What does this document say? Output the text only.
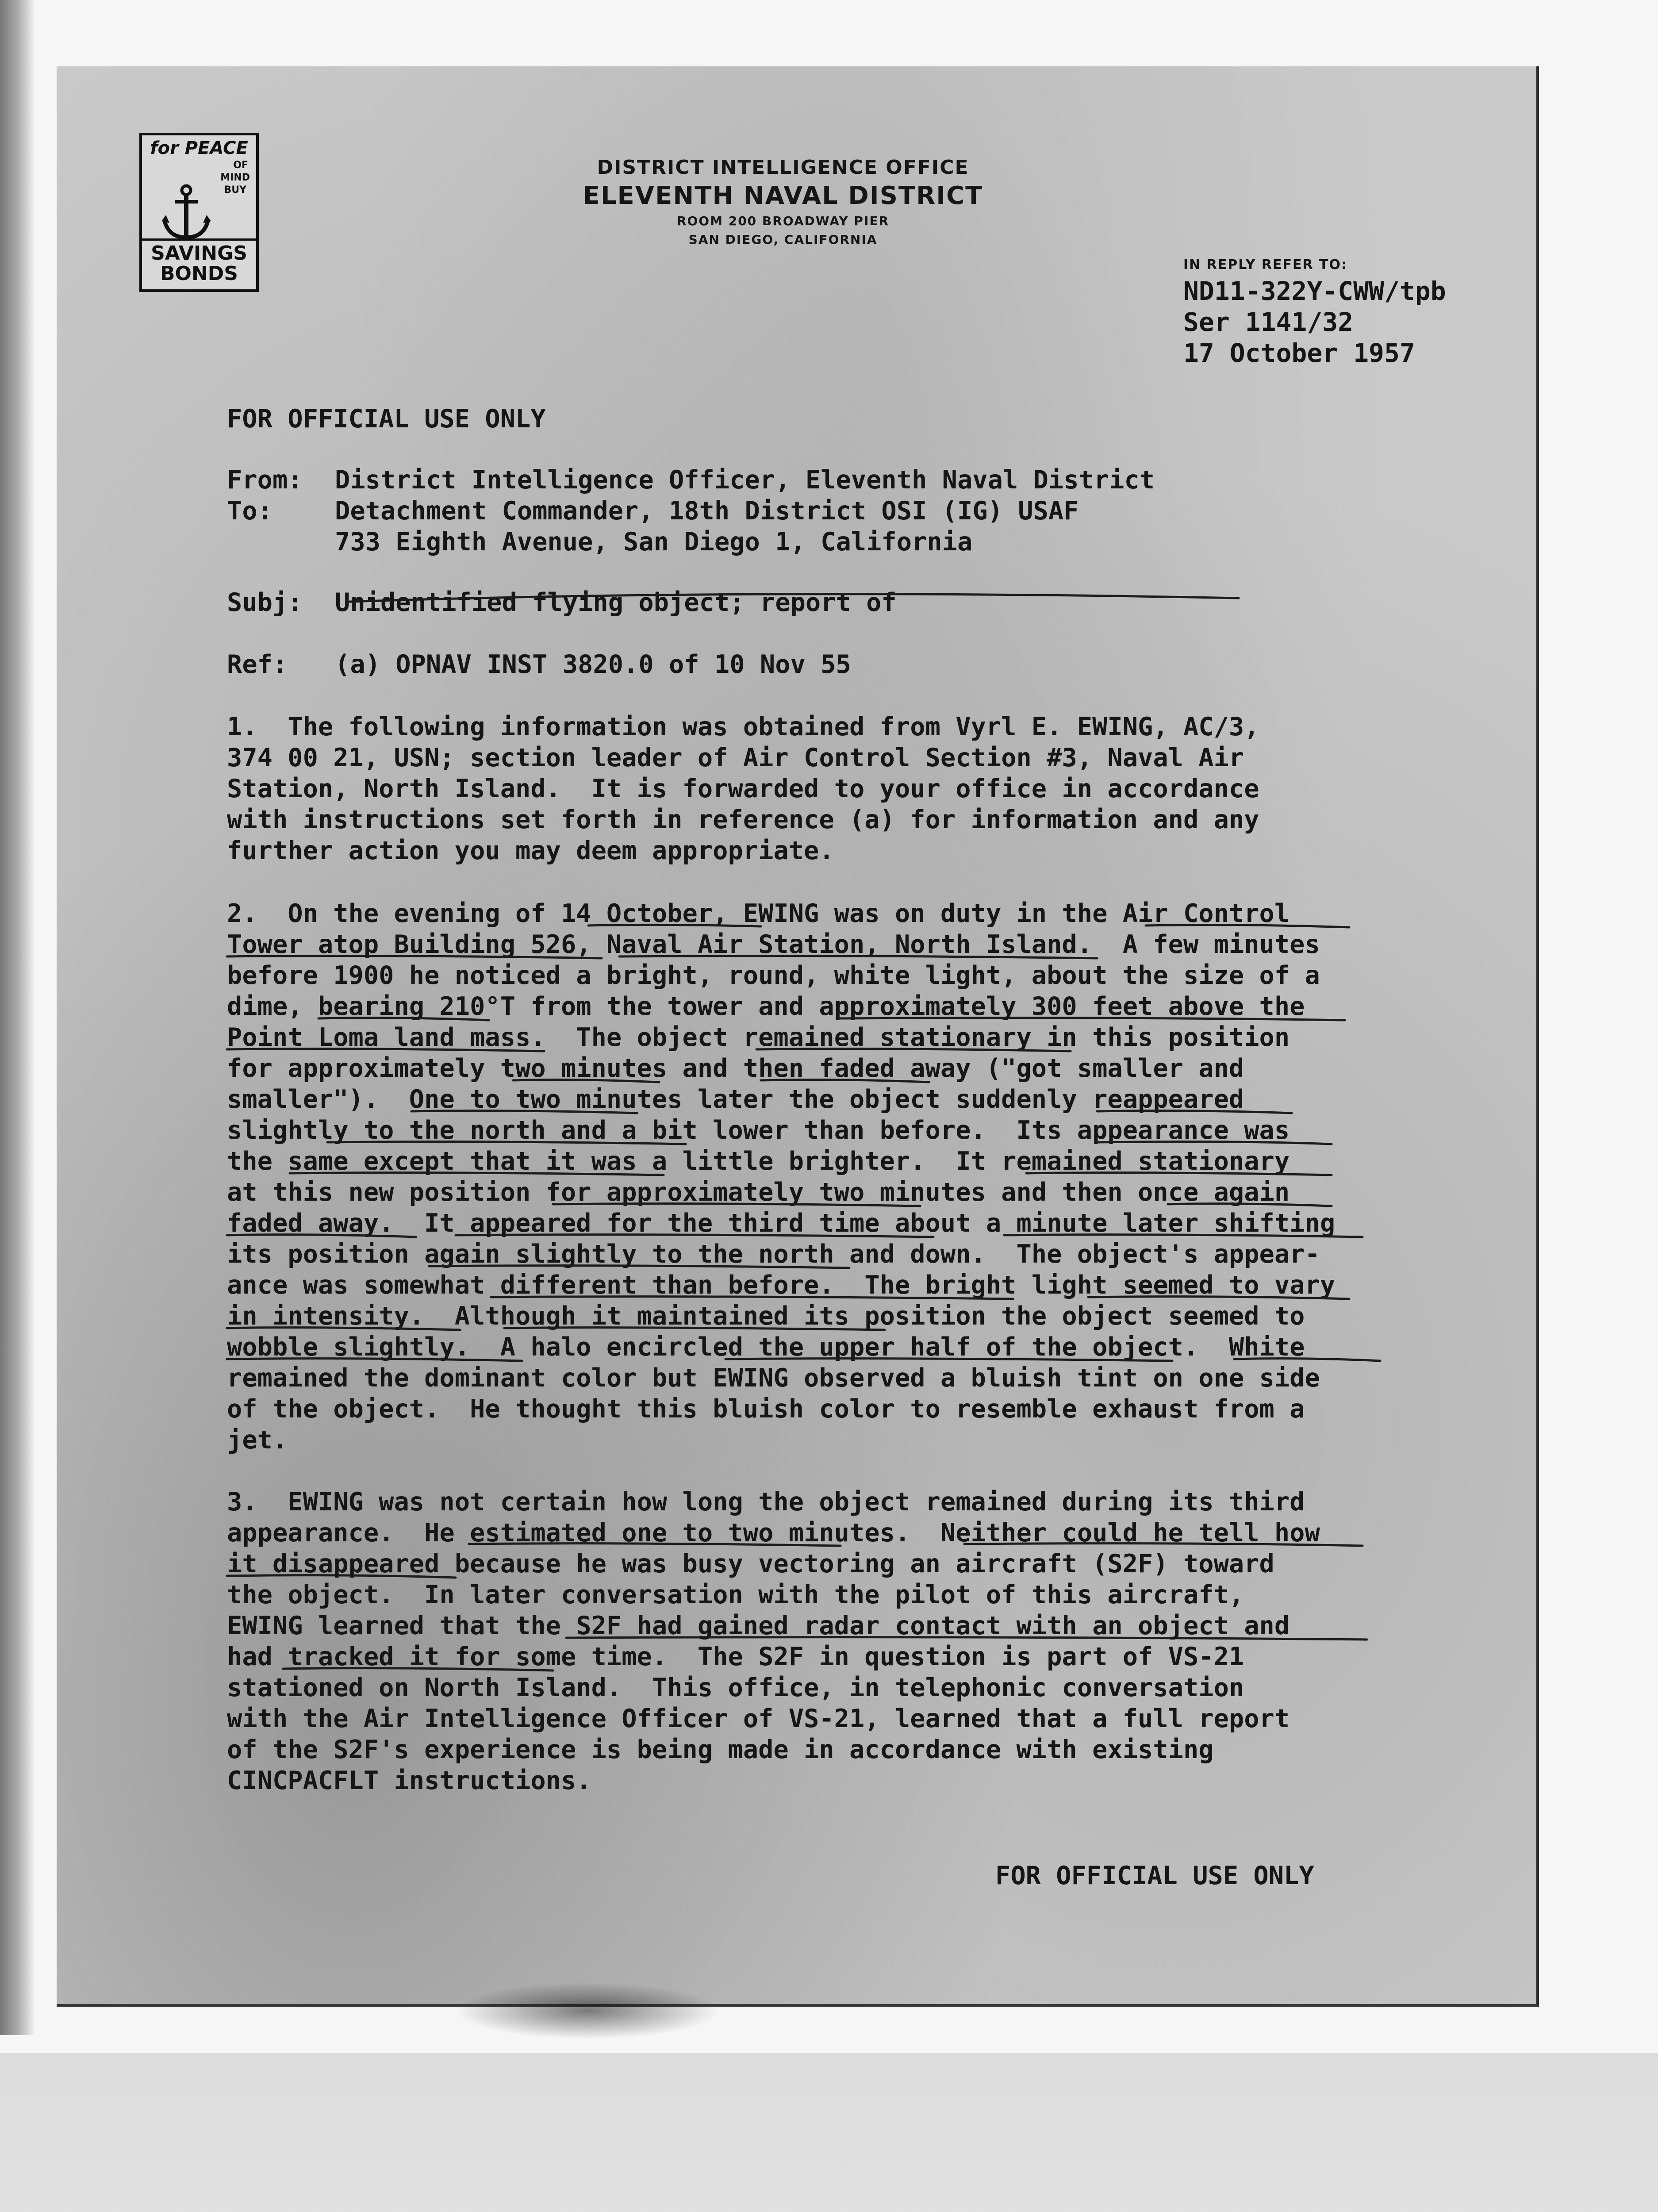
for PEACE
OF
MIND
BUY
SAVINGS
BONDS
DISTRICT INTELLIGENCE OFFICE
ELEVENTH NAVAL DISTRICT
ROOM 200 BROADWAY PIER
SAN DIEGO, CALIFORNIA
IN REPLY REFER TO:
ND11-322Y-CWW/tpb
Ser 1141/32
17 October 1957
FOR OFFICIAL USE ONLY
From: District Intelligence Officer, Eleventh Naval District
To: Detachment Commander, 18th District OSI (IG) USAF
733 Eighth Avenue, San Diego 1, California
Subj: Unidentified flying object; report of
Ref: (a) OPNAV INST 3820.0 of 10 Nov 55
1.  The following information was obtained from Vyrl E. EWING, AC/3,
374 00 21, USN; section leader of Air Control Section #3, Naval Air
Station, North Island.  It is forwarded to your office in accordance
with instructions set forth in reference (a) for information and any
further action you may deem appropriate.
2.  On the evening of 14 October, EWING was on duty in the Air Control
Tower atop Building 526, Naval Air Station, North Island.  A few minutes
before 1900 he noticed a bright, round, white light, about the size of a
dime, bearing 210°T from the tower and approximately 300 feet above the
Point Loma land mass.  The object remained stationary in this position
for approximately two minutes and then faded away ("got smaller and
smaller").  One to two minutes later the object suddenly reappeared
slightly to the north and a bit lower than before.  Its appearance was
the same except that it was a little brighter.  It remained stationary
at this new position for approximately two minutes and then once again
faded away.  It appeared for the third time about a minute later shifting
its position again slightly to the north and down.  The object's appear-
ance was somewhat different than before.  The bright light seemed to vary
in intensity.  Although it maintained its position the object seemed to
wobble slightly.  A halo encircled the upper half of the object.  White
remained the dominant color but EWING observed a bluish tint on one side
of the object.  He thought this bluish color to resemble exhaust from a
jet.
3.  EWING was not certain how long the object remained during its third
appearance.  He estimated one to two minutes.  Neither could he tell how
it disappeared because he was busy vectoring an aircraft (S2F) toward
the object.  In later conversation with the pilot of this aircraft,
EWING learned that the S2F had gained radar contact with an object and
had tracked it for some time.  The S2F in question is part of VS-21
stationed on North Island.  This office, in telephonic conversation
with the Air Intelligence Officer of VS-21, learned that a full report
of the S2F's experience is being made in accordance with existing
CINCPACFLT instructions.
FOR OFFICIAL USE ONLY
